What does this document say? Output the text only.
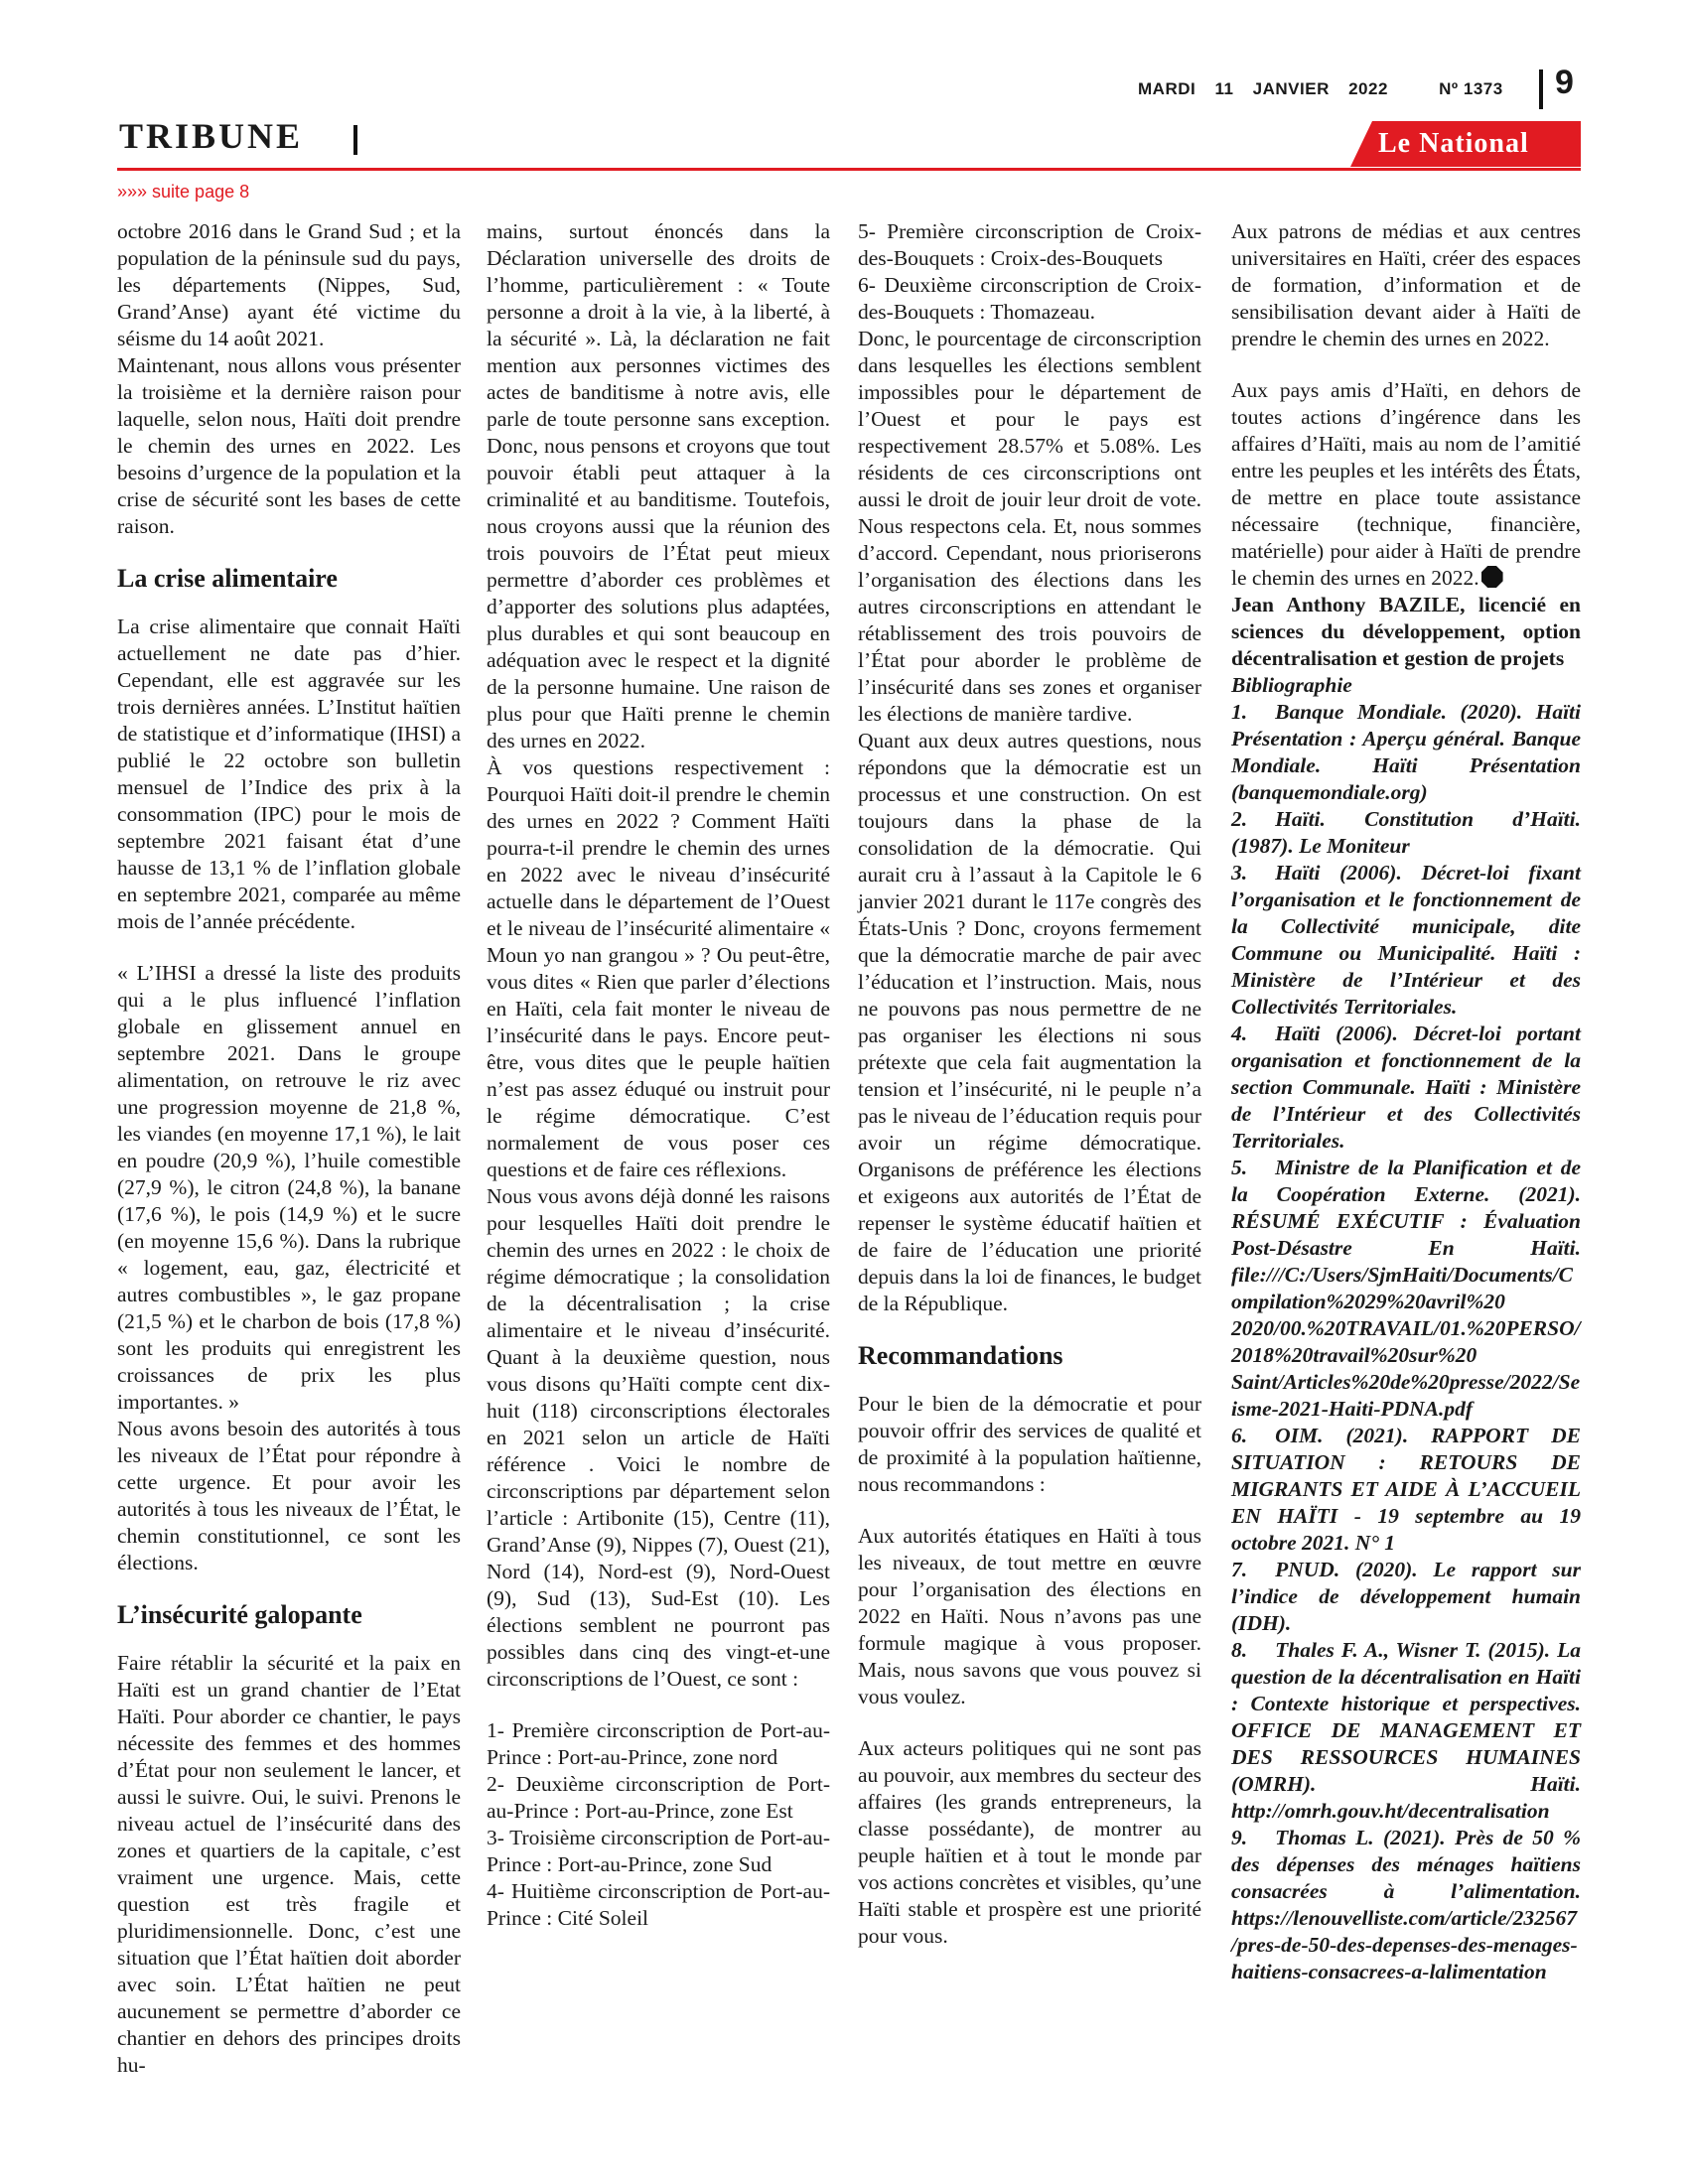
MARDI 11 JANVIER 2022	Nº 1373	9
TRIBUNE	Le National
»»» suite page 8

octobre 2016 dans le Grand Sud ; et la population de la péninsule sud du pays, les départements (Nippes, Sud, Grand’Anse) ayant été victime du séisme du 14 août 2021.

Maintenant, nous allons vous présenter la troisième et la dernière raison pour laquelle, selon nous, Haïti doit prendre le chemin des urnes en 2022. Les besoins d’urgence de la population et la crise de sécurité sont les bases de cette raison.

La crise alimentaire

La crise alimentaire que connait Haïti actuellement ne date pas d’hier. Cependant, elle est aggravée sur les trois dernières années. L’Institut haïtien de statistique et d’informatique (IHSI) a publié le 22 octobre son bulletin mensuel de l’Indice des prix à la consommation (IPC) pour le mois de septembre 2021 faisant état d’une hausse de 13,1 % de l’inflation globale en septembre 2021, comparée au même mois de l’année précédente.

« L’IHSI a dressé la liste des produits qui a le plus influencé l’inflation globale en glissement annuel en septembre 2021. Dans le groupe alimentation, on retrouve le riz avec une progression moyenne de 21,8 %, les viandes (en moyenne 17,1 %), le lait en poudre (20,9 %), l’huile comestible (27,9 %), le citron (24,8 %), la banane (17,6 %), le pois (14,9 %) et le sucre (en moyenne 15,6 %). Dans la rubrique « logement, eau, gaz, électricité et autres combustibles », le gaz propane (21,5 %) et le charbon de bois (17,8 %) sont les produits qui enregistrent les croissances de prix les plus importantes. »

Nous avons besoin des autorités à tous les niveaux de l’État pour répondre à cette urgence. Et pour avoir les autorités à tous les niveaux de l’État, le chemin constitutionnel, ce sont les élections.

L’insécurité galopante

Faire rétablir la sécurité et la paix en Haïti est un grand chantier de l’Etat Haïti. Pour aborder ce chantier, le pays nécessite des femmes et des hommes d’État pour non seulement le lancer, et aussi le suivre. Oui, le suivi. Prenons le niveau actuel de l’insécurité dans des zones et quartiers de la capitale, c’est vraiment une urgence. Mais, cette question est très fragile et pluridimensionnelle. Donc, c’est une situation que l’État haïtien doit aborder avec soin. L’État haïtien ne peut aucunement se permettre d’aborder ce chantier en dehors des principes droits hu-

mains, surtout énoncés dans la Déclaration universelle des droits de l’homme, particulièrement : « Toute personne a droit à la vie, à la liberté, à la sécurité ». Là, la déclaration ne fait mention aux personnes victimes des actes de banditisme à notre avis, elle parle de toute personne sans exception. Donc, nous pensons et croyons que tout pouvoir établi peut attaquer à la criminalité et au banditisme. Toutefois, nous croyons aussi que la réunion des trois pouvoirs de l’État peut mieux permettre d’aborder ces problèmes et d’apporter des solutions plus adaptées, plus durables et qui sont beaucoup en adéquation avec le respect et la dignité de la personne humaine. Une raison de plus pour que Haïti prenne le chemin des urnes en 2022.

À vos questions respectivement : Pourquoi Haïti doit-il prendre le chemin des urnes en 2022 ? Comment Haïti pourra-t-il prendre le chemin des urnes en 2022 avec le niveau d’insécurité actuelle dans le département de l’Ouest et le niveau de l’insécurité alimentaire « Moun yo nan grangou » ? Ou peut-être, vous dites « Rien que parler d’élections en Haïti, cela fait monter le niveau de l’insécurité dans le pays. Encore peut-être, vous dites que le peuple haïtien n’est pas assez éduqué ou instruit pour le régime démocratique. C’est normalement de vous poser ces questions et de faire ces réflexions.

Nous vous avons déjà donné les raisons pour lesquelles Haïti doit prendre le chemin des urnes en 2022 : le choix de régime démocratique ; la consolidation de la décentralisation ; la crise alimentaire et le niveau d’insécurité. Quant à la deuxième question, nous vous disons qu’Haïti compte cent dix-huit (118) circonscriptions électorales en 2021 selon un article de Haïti référence . Voici le nombre de circonscriptions par département selon l’article : Artibonite (15), Centre (11), Grand’Anse (9), Nippes (7), Ouest (21), Nord (14), Nord-est (9), Nord-Ouest (9), Sud (13), Sud-Est (10). Les élections semblent ne pourront pas possibles dans cinq des vingt-et-une circonscriptions de l’Ouest, ce sont :

1- Première circonscription de Port-au-Prince : Port-au-Prince, zone nord

2- Deuxième circonscription de Port-au-Prince : Port-au-Prince, zone Est

3- Troisième circonscription de Port-au-Prince : Port-au-Prince, zone Sud

4- Huitième circonscription de Port-au-Prince : Cité Soleil

5- Première circonscription de Croix-des-Bouquets : Croix-des-Bouquets

6- Deuxième circonscription de Croix-des-Bouquets : Thomazeau.

Donc, le pourcentage de circonscription dans lesquelles les élections semblent impossibles pour le département de l’Ouest et pour le pays est respectivement 28.57% et 5.08%. Les résidents de ces circonscriptions ont aussi le droit de jouir leur droit de vote. Nous respectons cela. Et, nous sommes d’accord. Cependant, nous prioriserons l’organisation des élections dans les autres circonscriptions en attendant le rétablissement des trois pouvoirs de l’État pour aborder le problème de l’insécurité dans ses zones et organiser les élections de manière tardive.

Quant aux deux autres questions, nous répondons que la démocratie est un processus et une construction. On est toujours dans la phase de la consolidation de la démocratie. Qui aurait cru à l’assaut à la Capitole le 6 janvier 2021 durant le 117e congrès des États-Unis ? Donc, croyons fermement que la démocratie marche de pair avec l’éducation et l’instruction. Mais, nous ne pouvons pas nous permettre de ne pas organiser les élections ni sous prétexte que cela fait augmentation la tension et l’insécurité, ni le peuple n’a pas le niveau de l’éducation requis pour avoir un régime démocratique. Organisons de préférence les élections et exigeons aux autorités de l’État de repenser le système éducatif haïtien et de faire de l’éducation une priorité depuis dans la loi de finances, le budget de la République.

Recommandations

Pour le bien de la démocratie et pour pouvoir offrir des services de qualité et de proximité à la population haïtienne, nous recommandons :

Aux autorités étatiques en Haïti à tous les niveaux, de tout mettre en œuvre pour l’organisation des élections en 2022 en Haïti. Nous n’avons pas une formule magique à vous proposer. Mais, nous savons que vous pouvez si vous voulez.

Aux acteurs politiques qui ne sont pas au pouvoir, aux membres du secteur des affaires (les grands entrepreneurs, la classe possédante), de montrer au peuple haïtien et à tout le monde par vos actions concrètes et visibles, qu’une Haïti stable et prospère est une priorité pour vous.

Aux patrons de médias et aux centres universitaires en Haïti, créer des espaces de formation, d’information et de sensibilisation devant aider à Haïti de prendre le chemin des urnes en 2022.

Aux pays amis d’Haïti, en dehors de toutes actions d’ingérence dans les affaires d’Haïti, mais au nom de l’amitié entre les peuples et les intérêts des États, de mettre en place toute assistance nécessaire (technique, financière, matérielle) pour aider à Haïti de prendre le chemin des urnes en 2022.

Jean Anthony BAZILE, licencié en sciences du développement, option décentralisation et gestion de projets

Bibliographie

1. Banque Mondiale. (2020). Haïti Présentation : Aperçu général. Banque Mondiale. Haïti Présentation (banquemondiale.org)

2. Haïti. Constitution d’Haïti. (1987). Le Moniteur

3. Haïti (2006). Décret-loi fixant l’organisation et le fonctionnement de la Collectivité municipale, dite Commune ou Municipalité. Haïti : Ministère de l’Intérieur et des Collectivités Territoriales.

4. Haïti (2006). Décret-loi portant organisation et fonctionnement de la section Communale. Haïti : Ministère de l’Intérieur et des Collectivités Territoriales.

5. Ministre de la Planification et de la Coopération Externe. (2021). RÉSUMÉ EXÉCUTIF : Évaluation Post-Désastre En Haïti. file:///C:/Users/SjmHaiti/Documents/Compilation%2029%20avril%20 2020/00.%20TRAVAIL/01.%20PERSO/2018%20travail%20sur%20 Saint/Articles%20de%20presse/2022/Seisme-2021-Haiti-PDNA.pdf

6. OIM. (2021). RAPPORT DE SITUATION : RETOURS DE MIGRANTS ET AIDE À L’ACCUEIL EN HAÏTI - 19 septembre au 19 octobre 2021. N° 1

7. PNUD. (2020). Le rapport sur l’indice de développement humain (IDH).

8. Thales F. A., Wisner T. (2015). La question de la décentralisation en Haïti : Contexte historique et perspectives. OFFICE DE MANAGEMENT ET DES RESSOURCES HUMAINES (OMRH). Haïti. http://omrh.gouv.ht/decentralisation

9. Thomas L. (2021). Près de 50 % des dépenses des ménages haïtiens consacrées à l’alimentation. https://lenouvelliste.com/article/232567/pres-de-50-des-depenses-des-menages-haitiens-consacrees-a-lalimentation
